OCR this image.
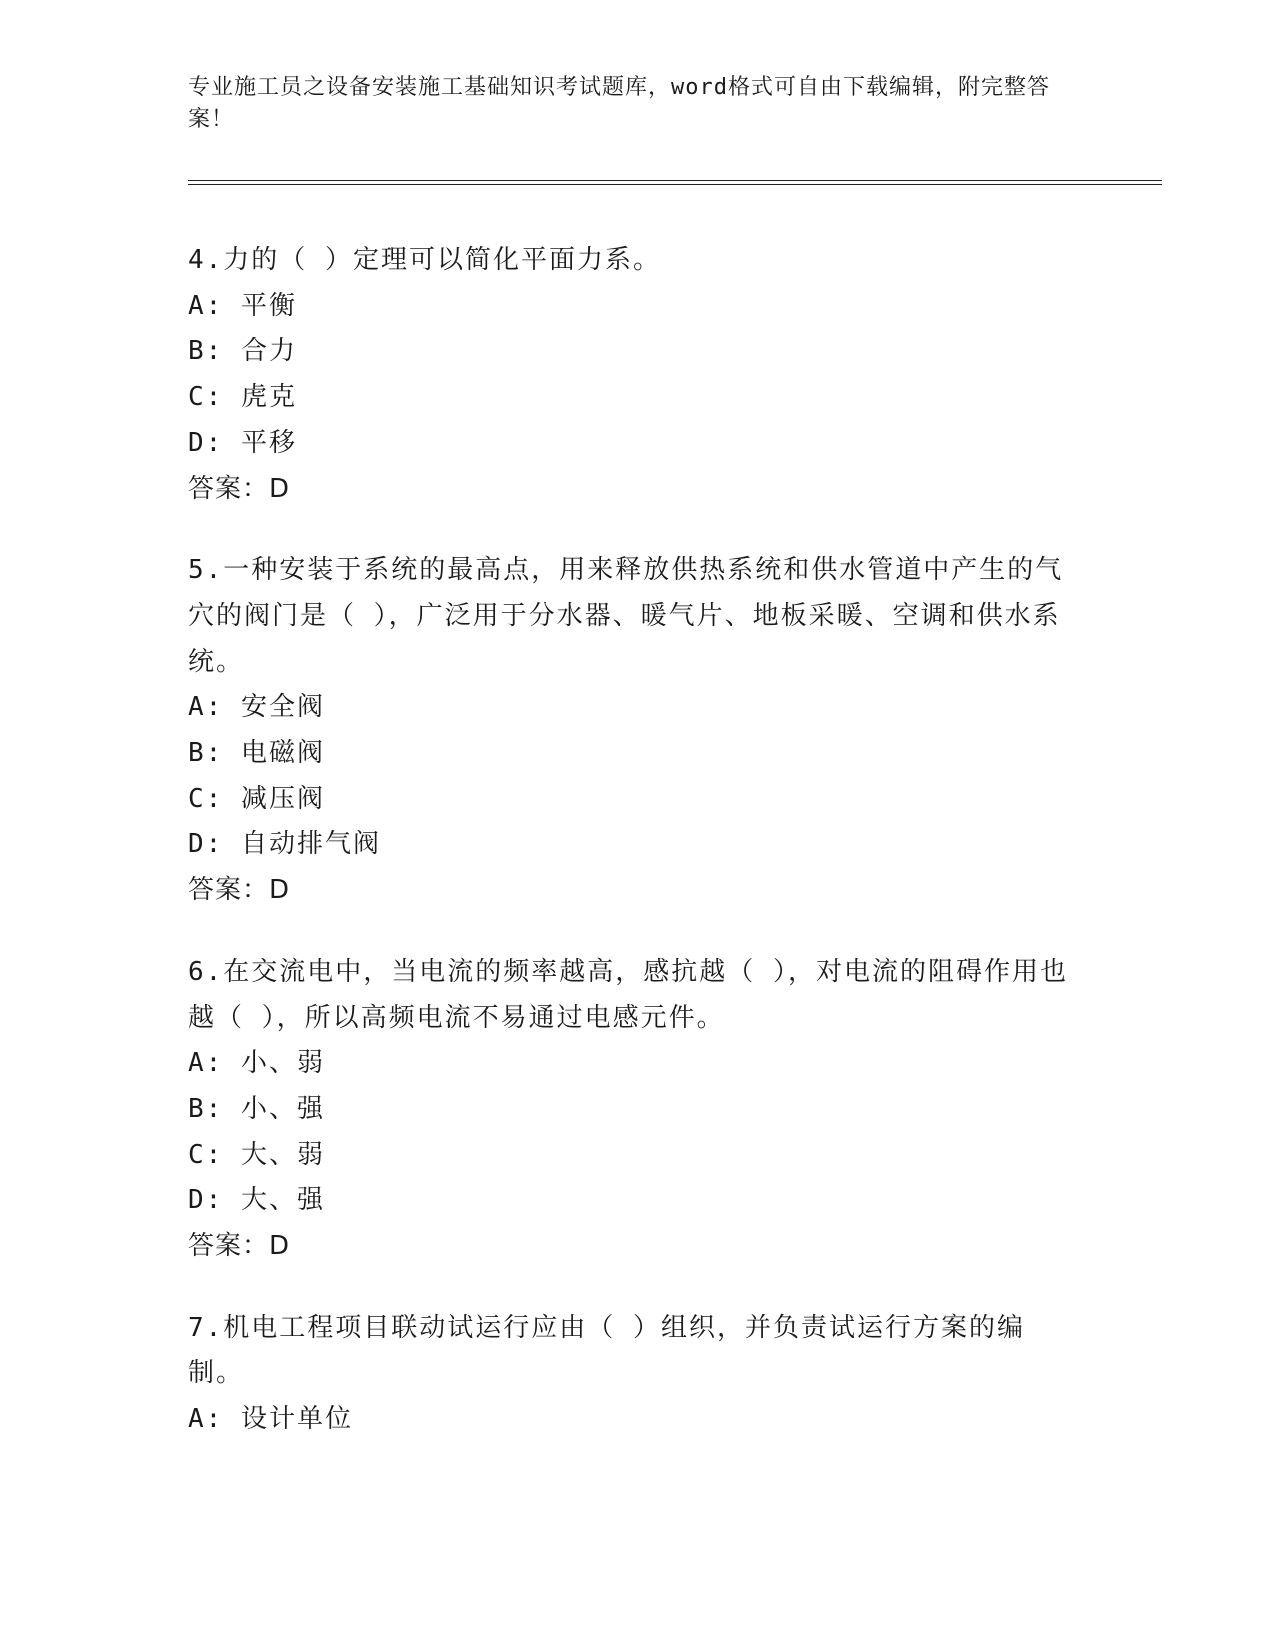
专业施工员之设备安装施工基础知识考试题库，word格式可自由下载编辑，附完整答案！
4.力的（ ）定理可以简化平面力系。
A: 平衡
B: 合力
C: 虎克
D: 平移
答案：D
5.一种安装于系统的最高点，用来释放供热系统和供水管道中产生的气穴的阀门是（ ），广泛用于分水器、暖气片、地板采暖、空调和供水系统。
A: 安全阀
B: 电磁阀
C: 减压阀
D: 自动排气阀
答案：D
6.在交流电中，当电流的频率越高，感抗越（ ），对电流的阻碍作用也越（ ），所以高频电流不易通过电感元件。
A: 小、弱
B: 小、强
C: 大、弱
D: 大、强
答案：D
7.机电工程项目联动试运行应由（ ）组织，并负责试运行方案的编制。
A: 设计单位
